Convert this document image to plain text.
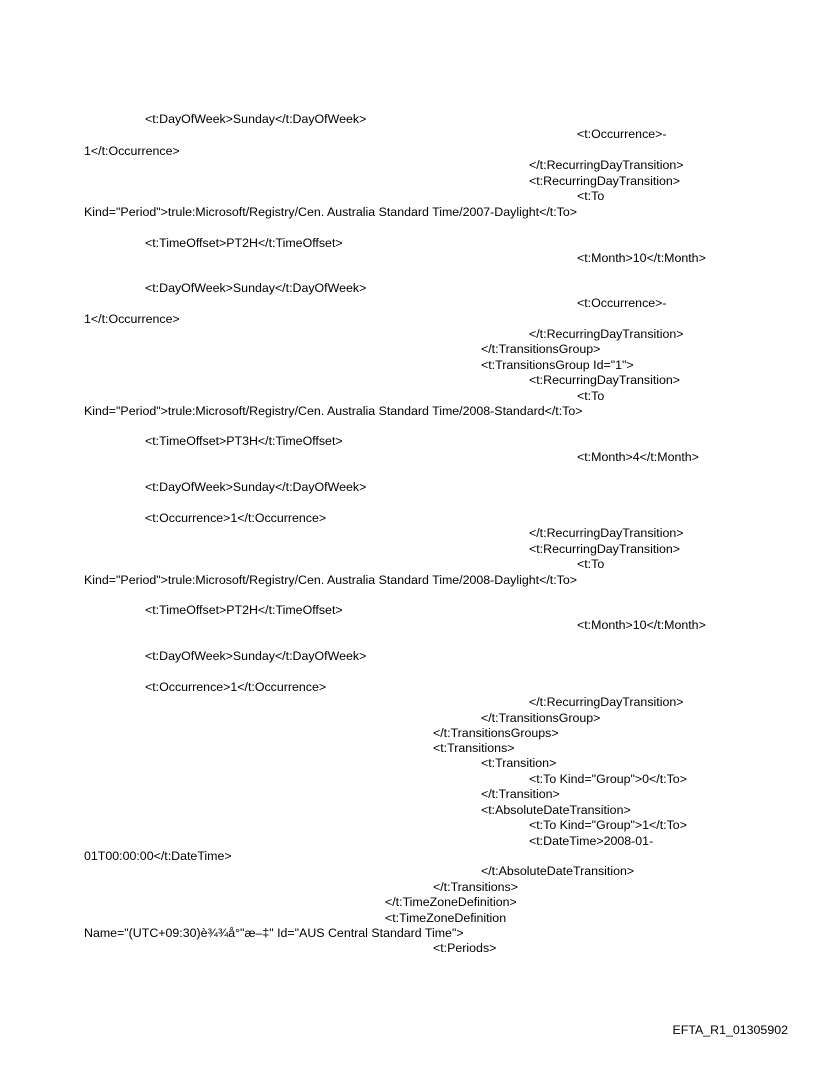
<t:DayOfWeek>Sunday</t:DayOfWeek>
<t:Occurrence>-
1</t:Occurrence>
</t:RecurringDayTransition>
<t:RecurringDayTransition>
<t:To
Kind="Period">trule:Microsoft/Registry/Cen. Australia Standard Time/2007-Daylight</t:To>
<t:TimeOffset>PT2H</t:TimeOffset>
<t:Month>10</t:Month>
<t:DayOfWeek>Sunday</t:DayOfWeek>
<t:Occurrence>-
1</t:Occurrence>
</t:RecurringDayTransition>
</t:TransitionsGroup>
<t:TransitionsGroup Id="1">
<t:RecurringDayTransition>
<t:To
Kind="Period">trule:Microsoft/Registry/Cen. Australia Standard Time/2008-Standard</t:To>
<t:TimeOffset>PT3H</t:TimeOffset>
<t:Month>4</t:Month>
<t:DayOfWeek>Sunday</t:DayOfWeek>
<t:Occurrence>1</t:Occurrence>
</t:RecurringDayTransition>
<t:RecurringDayTransition>
<t:To
Kind="Period">trule:Microsoft/Registry/Cen. Australia Standard Time/2008-Daylight</t:To>
<t:TimeOffset>PT2H</t:TimeOffset>
<t:Month>10</t:Month>
<t:DayOfWeek>Sunday</t:DayOfWeek>
<t:Occurrence>1</t:Occurrence>
</t:RecurringDayTransition>
</t:TransitionsGroup>
</t:TransitionsGroups>
<t:Transitions>
<t:Transition>
<t:To Kind="Group">0</t:To>
</t:Transition>
<t:AbsoluteDateTransition>
<t:To Kind="Group">1</t:To>
<t:DateTime>2008-01-
01T00:00:00</t:DateTime>
</t:AbsoluteDateTransition>
</t:Transitions>
</t:TimeZoneDefinition>
<t:TimeZoneDefinition
Name="(UTC+09:30)è¾¾å°"æ–‡" Id="AUS Central Standard Time">
<t:Periods>
EFTA_R1_01305902
